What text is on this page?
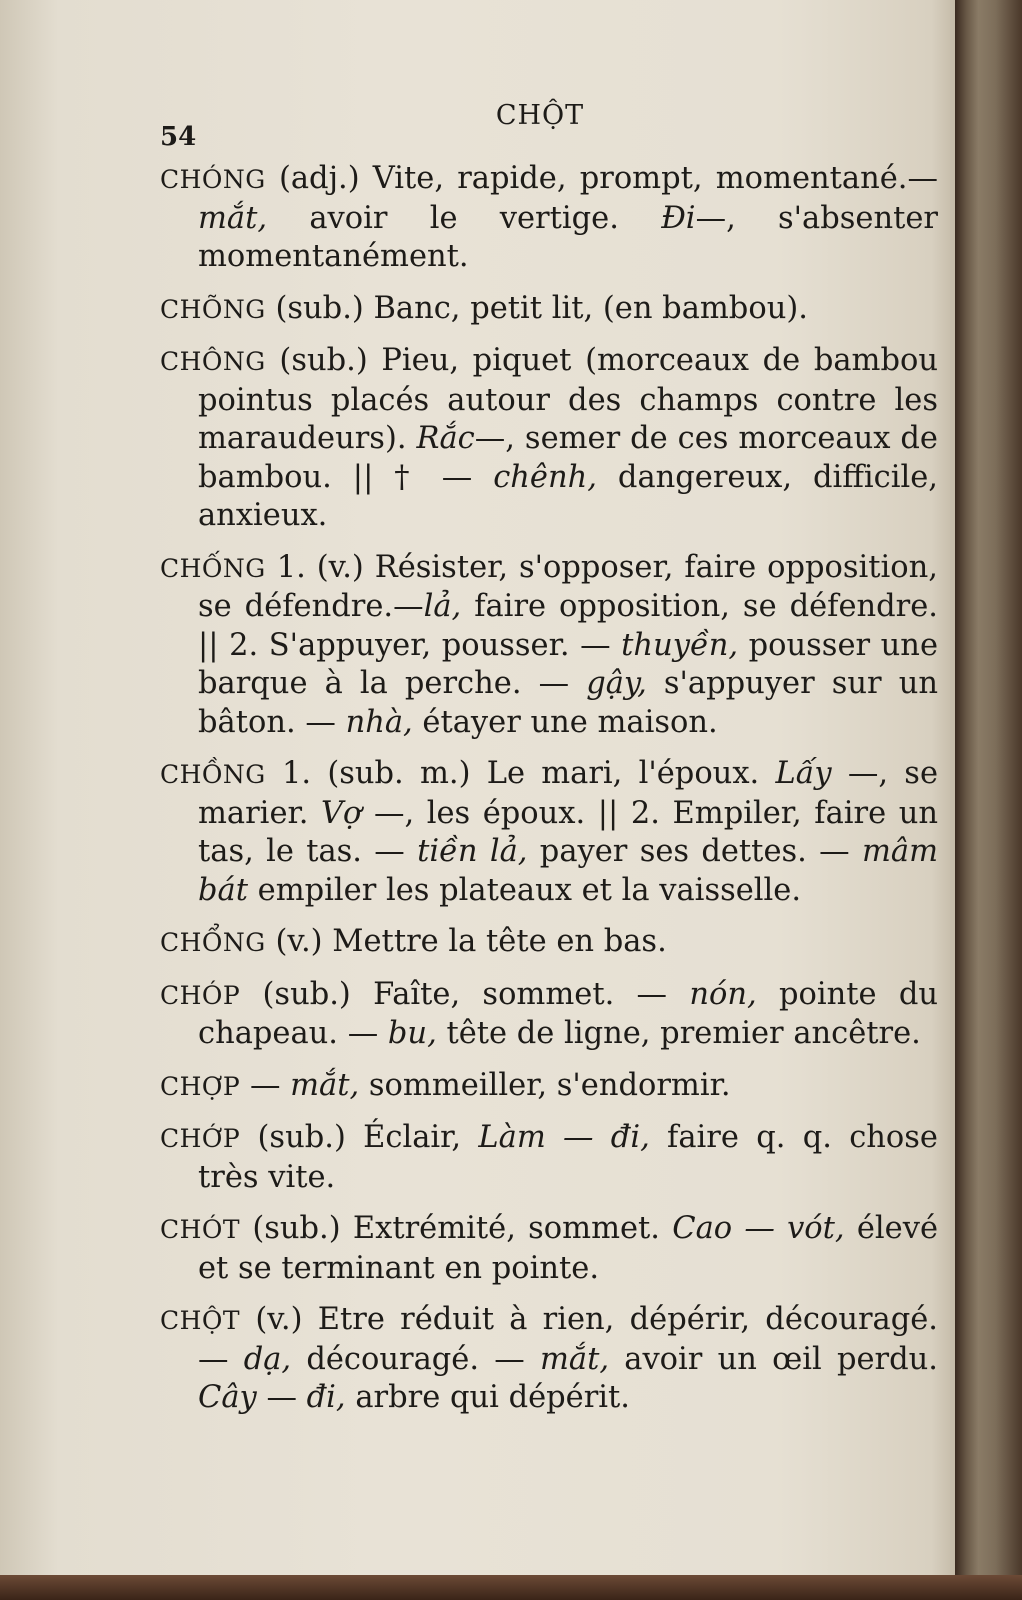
54
CHỘT

CHÓNG (adj.) Vite, rapide, prompt, momentané.—mắt, avoir le vertige. Đi—, s'absenter momentanément.

CHÕNG (sub.) Banc, petit lit, (en bambou).

CHÔNG (sub.) Pieu, piquet (morceaux de bambou pointus placés autour des champs contre les maraudeurs). Rắc—, semer de ces morceaux de bambou. || † — chênh, dangereux, difficile, anxieux.

CHỐNG 1. (v.) Résister, s'opposer, faire opposition, se défendre.—lả, faire opposition, se défendre. || 2. S'appuyer, pousser. — thuyền, pousser une barque à la perche. — gậy, s'appuyer sur un bâton. — nhà, étayer une maison.

CHỒNG 1. (sub. m.) Le mari, l'époux. Lấy —, se marier. Vợ —, les époux. || 2. Empiler, faire un tas, le tas. — tiền lả, payer ses dettes. — mâm bát empiler les plateaux et la vaisselle.

CHỔNG (v.) Mettre la tête en bas.

CHÓP (sub.) Faîte, sommet. — nón, pointe du chapeau. — bu, tête de ligne, premier ancêtre.

CHỢP — mắt, sommeiller, s'endormir.

CHỚP (sub.) Éclair, Làm — đi, faire q. q. chose très vite.

CHÓT (sub.) Extrémité, sommet. Cao — vót, élevé et se terminant en pointe.

CHỘT (v.) Etre réduit à rien, dépérir, découragé. — dạ, découragé. — mắt, avoir un œil perdu. Cây — đi, arbre qui dépérit.
